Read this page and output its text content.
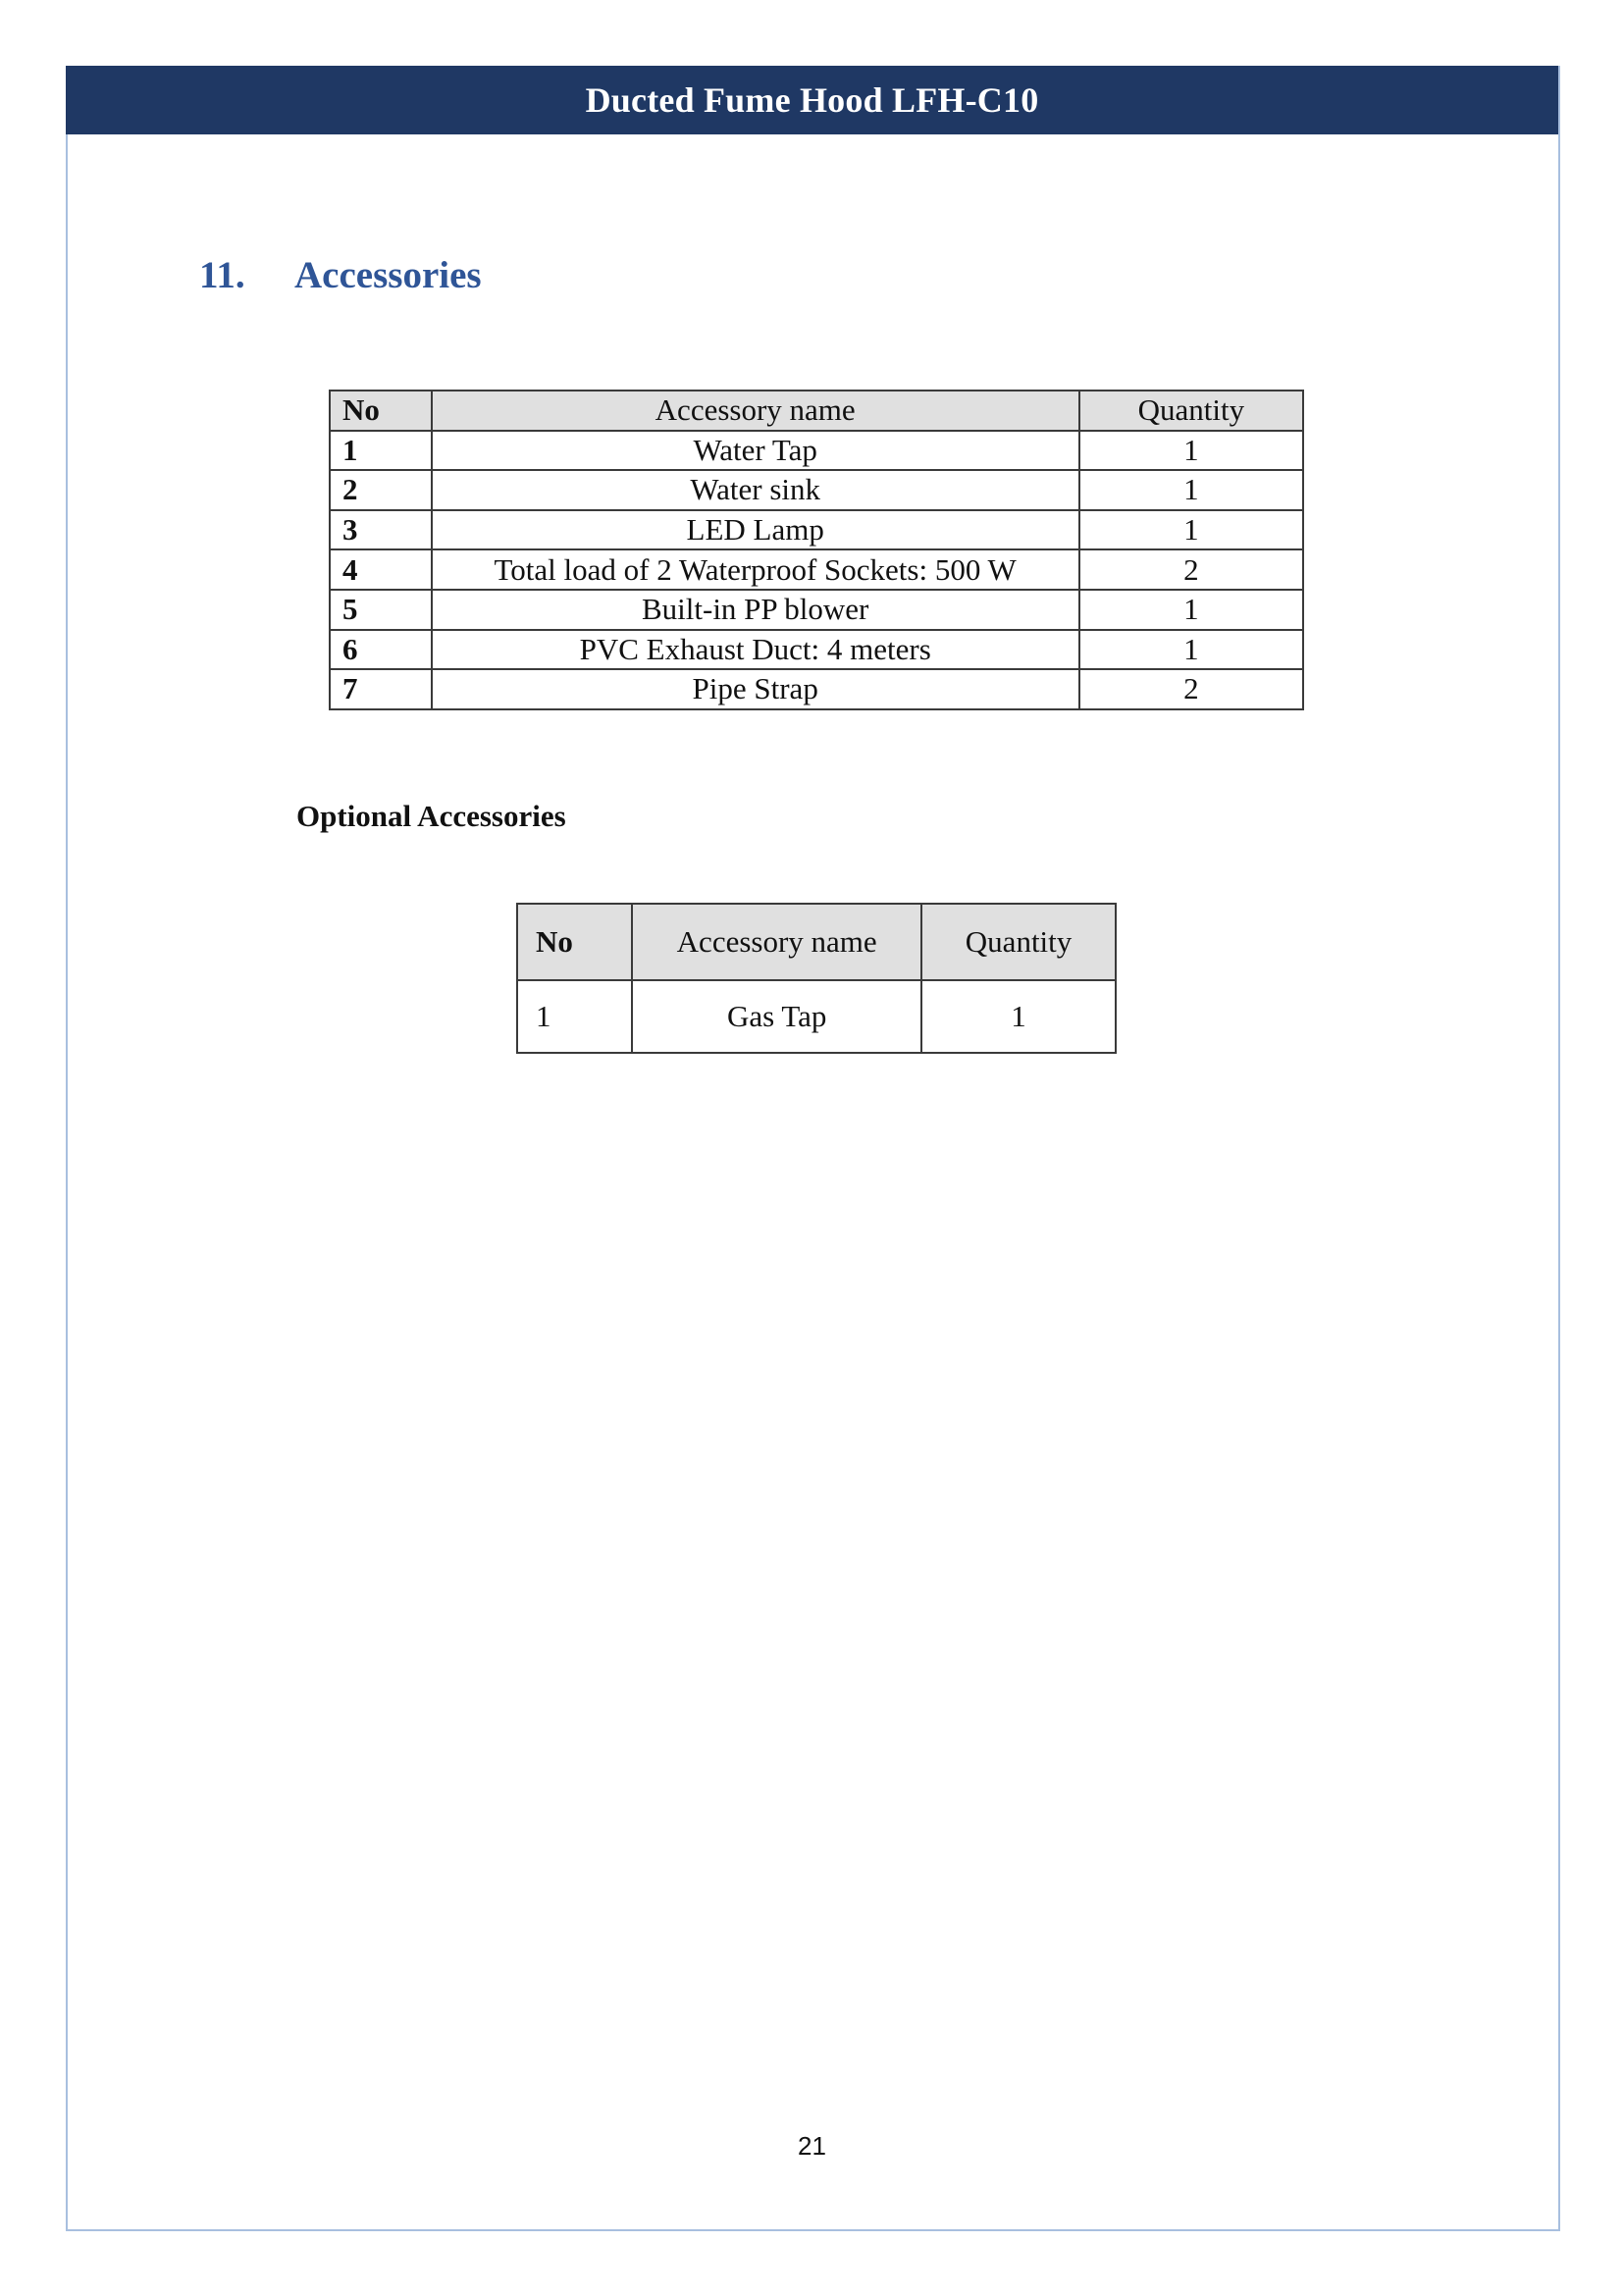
Ducted Fume Hood LFH-C10
11. Accessories
No	Accessory name	Quantity
1	Water Tap	1
2	Water sink	1
3	LED Lamp	1
4	Total load of 2 Waterproof Sockets: 500 W	2
5	Built-in PP blower	1
6	PVC Exhaust Duct: 4 meters	1
7	Pipe Strap	2
Optional Accessories
No	Accessory name	Quantity
1	Gas Tap	1
21
